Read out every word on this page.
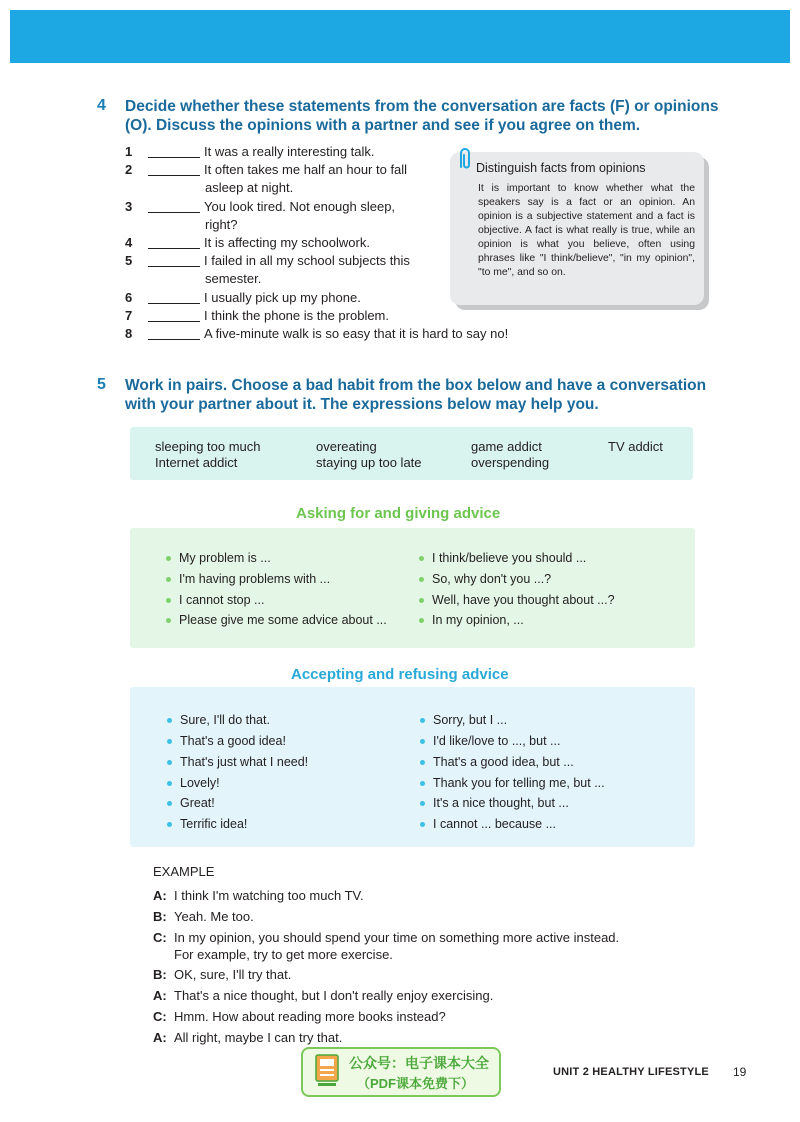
4 Decide whether these statements from the conversation are facts (F) or opinions
(O). Discuss the opinions with a partner and see if you agree on them.
1	It was a really interesting talk.
2	It often takes me half an hour to fall
asleep at night.
3	You look tired. Not enough sleep,
right?
4	It is affecting my schoolwork.
5	I failed in all my school subjects this
semester.
6	I usually pick up my phone.
7	I think the phone is the problem.
8	A five-minute walk is so easy that it is hard to say no!
Distinguish facts from opinions
It is important to know whether what the speakers say is a fact or an opinion. An opinion is a subjective statement and a fact is objective. A fact is what really is true, while an opinion is what you believe, often using phrases like "I think/believe", "in my opinion", "to me", and so on.
5 Work in pairs. Choose a bad habit from the box below and have a conversation
with your partner about it. The expressions below may help you.
sleeping too much	overeating	game addict	TV addict
Internet addict	staying up too late	overspending
Asking for and giving advice
My problem is ...
I'm having problems with ...
I cannot stop ...
Please give me some advice about ...
I think/believe you should ...
So, why don't you ...?
Well, have you thought about ...?
In my opinion, ...
Accepting and refusing advice
Sure, I'll do that.
That's a good idea!
That's just what I need!
Lovely!
Great!
Terrific idea!
Sorry, but I ...
I'd like/love to ..., but ...
That's a good idea, but ...
Thank you for telling me, but ...
It's a nice thought, but ...
I cannot ... because ...
EXAMPLE
A: I think I'm watching too much TV.
B: Yeah. Me too.
C: In my opinion, you should spend your time on something more active instead.
For example, try to get more exercise.
B: OK, sure, I'll try that.
A: That's a nice thought, but I don't really enjoy exercising.
C: Hmm. How about reading more books instead?
A: All right, maybe I can try that.
公众号：电子课本大全
（PDF课本免费下）
UNIT 2 HEALTHY LIFESTYLE 19
